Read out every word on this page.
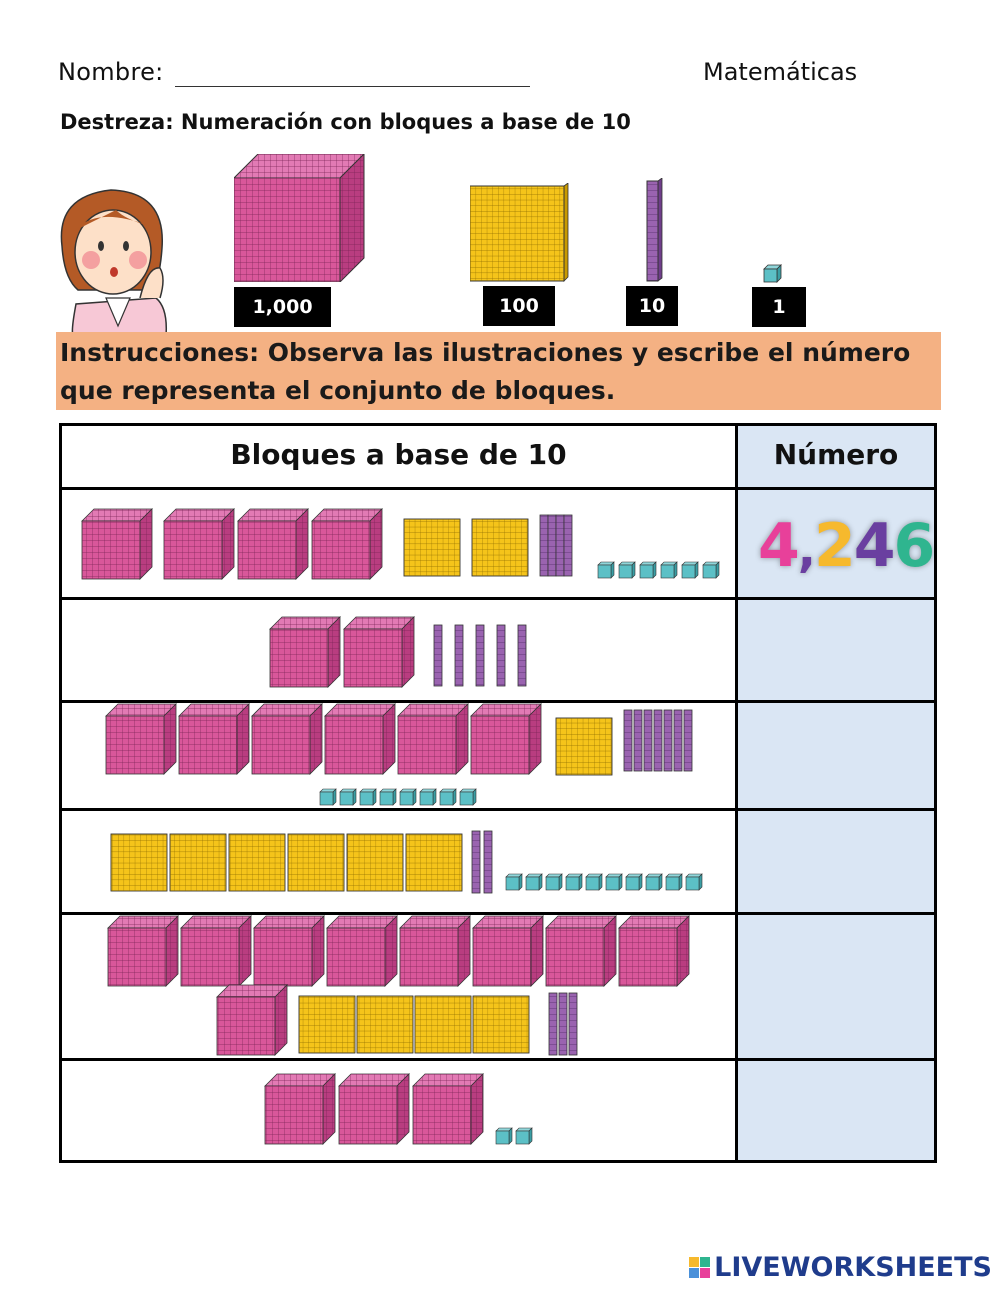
Nombre:	Matemáticas
Destreza: Numeración con bloques a base de 10
1,000	100	10	1
Instrucciones: Observa las ilustraciones y escribe el número
que representa el conjunto de bloques.
Bloques a base de 10	Número
4,246
LIVEWORKSHEETS
